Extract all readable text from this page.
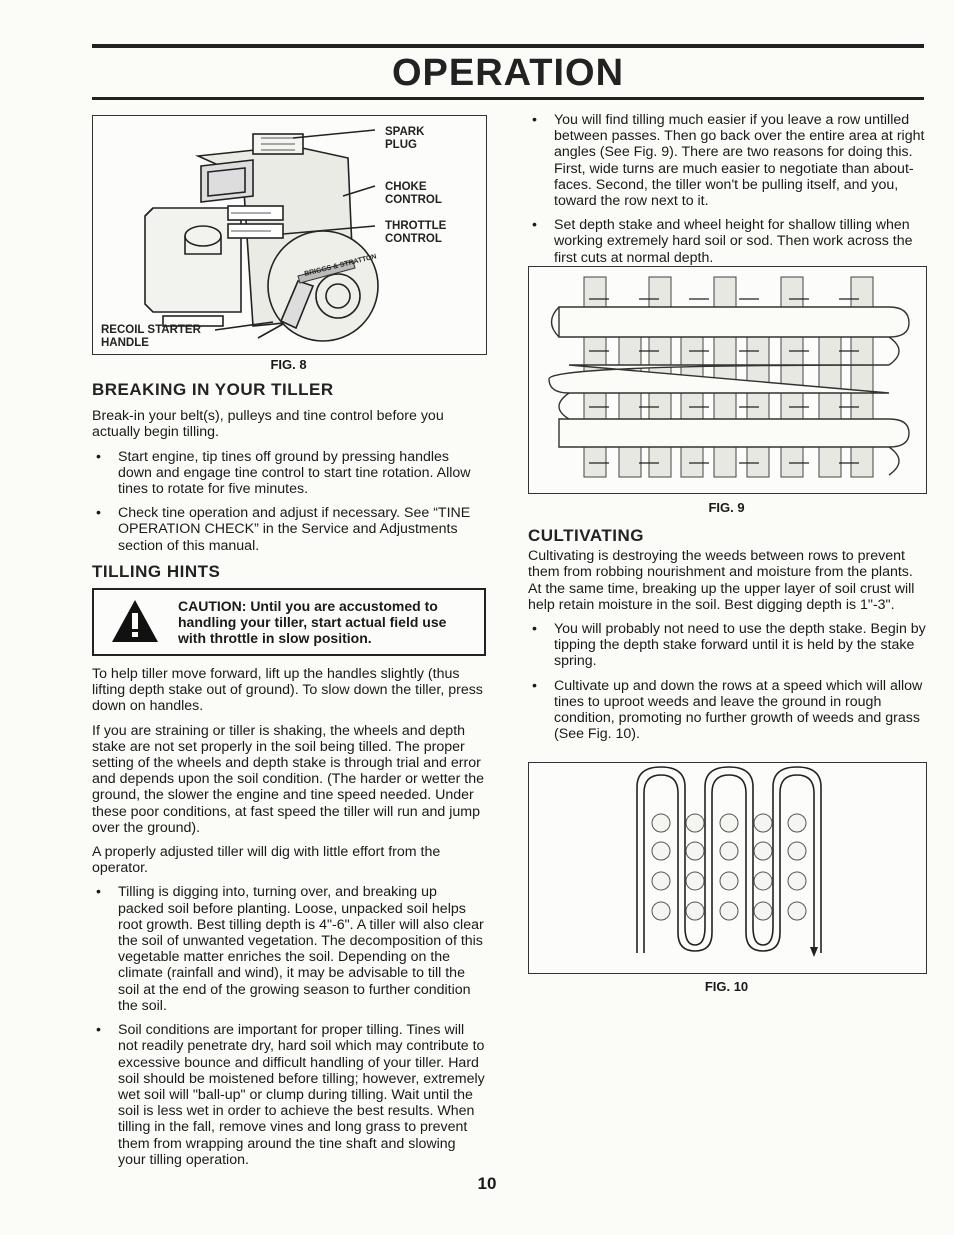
OPERATION
BRIGGS & STRATTON
SPARK
PLUG
CHOKE
CONTROL
THROTTLE
CONTROL
RECOIL STARTER
HANDLE
FIG. 8
BREAKING IN YOUR TILLER

Break-in your belt(s), pulleys and tine control before you actually begin tilling.

• Start engine, tip tines off ground by pressing handles down and engage tine control to start tine rotation. Allow tines to rotate for five minutes.
• Check tine operation and adjust if necessary. See “TINE OPERATION CHECK” in the Service and Adjustments section of this manual.
TILLING HINTS
CAUTION: Until you are accustomed to handling your tiller, start actual field use with throttle in slow position.

To help tiller move forward, lift up the handles slightly (thus lifting depth stake out of ground). To slow down the tiller, press down on handles.

If you are straining or tiller is shaking, the wheels and depth stake are not set properly in the soil being tilled. The proper setting of the wheels and depth stake is through trial and error and depends upon the soil condition. (The harder or wetter the ground, the slower the engine and tine speed needed. Under these poor conditions, at fast speed the tiller will run and jump over the ground).

A properly adjusted tiller will dig with little effort from the operator.

• Tilling is digging into, turning over, and breaking up packed soil before planting. Loose, unpacked soil helps root growth. Best tilling depth is 4"-6". A tiller will also clear the soil of unwanted vegetation. The decomposition of this vegetable matter enriches the soil. Depending on the climate (rainfall and wind), it may be advisable to till the soil at the end of the growing season to further condition the soil.
• Soil conditions are important for proper tilling. Tines will not readily penetrate dry, hard soil which may contribute to excessive bounce and difficult handling of your tiller. Hard soil should be moistened before tilling; however, extremely wet soil will "ball-up" or clump during tilling. Wait until the soil is less wet in order to achieve the best results. When tilling in the fall, remove vines and long grass to prevent them from wrapping around the tine shaft and slowing your tilling operation.
• You will find tilling much easier if you leave a row untilled between passes. Then go back over the entire area at right angles (See Fig. 9). There are two reasons for doing this. First, wide turns are much easier to negotiate than about-faces. Second, the tiller won't be pulling itself, and you, toward the row next to it.
• Set depth stake and wheel height for shallow tilling when working extremely hard soil or sod. Then work across the first cuts at normal depth.
FIG. 9
CULTIVATING

Cultivating is destroying the weeds between rows to prevent them from robbing nourishment and moisture from the plants. At the same time, breaking up the upper layer of soil crust will help retain moisture in the soil. Best digging depth is 1"-3".

• You will probably not need to use the depth stake. Begin by tipping the depth stake forward until it is held by the stake spring.
• Cultivate up and down the rows at a speed which will allow tines to uproot weeds and leave the ground in rough condition, promoting no further growth of weeds and grass (See Fig. 10).
FIG. 10
10
